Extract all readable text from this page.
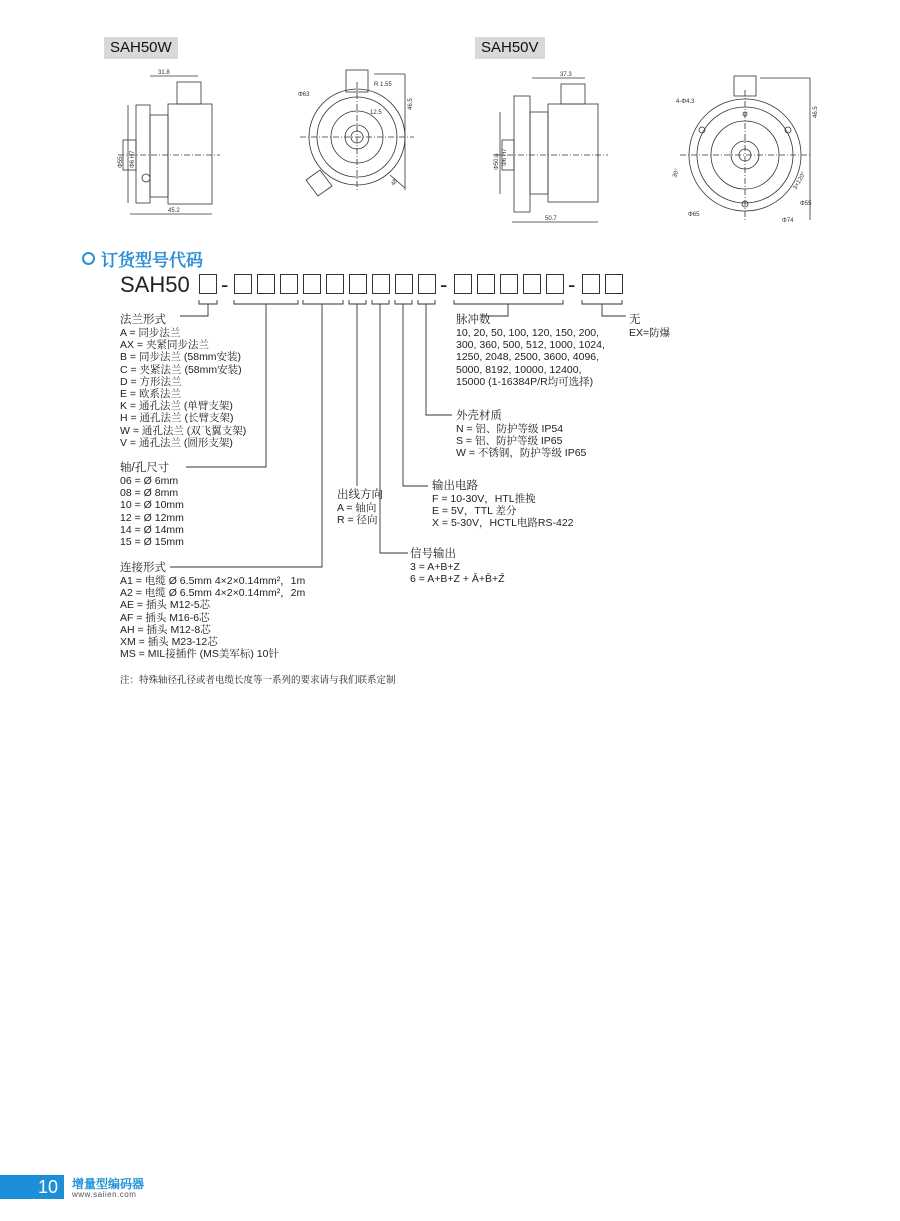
SAH50W	SAH50V
31.8
45.2
Φ55 Φ6 H7
Φ63
R 1.55
46.5
12.5
48
37.3
50.7
Φ50.8 Φ6 H7
4-Φ4.3
46.5
30°	3×120°
Φ65
Φ55
Φ74
订货型号代码
SAH50 -	-	-
法兰形式
A = 同步法兰
AX = 夹紧同步法兰
B = 同步法兰 (58mm安装)
C = 夹紧法兰 (58mm安装)
D = 方形法兰
E = 欧系法兰
K = 通孔法兰 (单臂支架)
H = 通孔法兰 (长臂支架)
W = 通孔法兰 (双飞翼支架)
V = 通孔法兰 (圆形支架)
轴/孔尺寸
06 = Ø 6mm
08 = Ø 8mm
10 = Ø 10mm
12 = Ø 12mm
14 = Ø 14mm
15 = Ø 15mm
连接形式
A1 = 电缆 Ø 6.5mm 4×2×0.14mm²，1m
A2 = 电缆 Ø 6.5mm 4×2×0.14mm²，2m
AE = 插头 M12-5芯
AF = 插头 M16-6芯
AH = 插头 M12-8芯
XM = 插头 M23-12芯
MS = MIL接插件 (MS美军标) 10针
出线方向
A = 轴向
R = 径向
信号输出
3 = A+B+Z
6 = A+B+Z + Ā+B̄+Z̄
输出电路
F = 10-30V，HTL推挽
E = 5V，TTL 差分
X = 5-30V，HCTL电路RS-422
外壳材质
N = 铝、防护等级 IP54
S = 铝、防护等级 IP65
W = 不锈钢，防护等级 IP65
脉冲数
10, 20, 50, 100, 120, 150, 200,
300, 360, 500, 512, 1000, 1024,
1250, 2048, 2500, 3600, 4096,
5000, 8192, 10000, 12400,
15000 (1-16384P/R均可选择)
无
EX=防爆
注：特殊轴径孔径或者电缆长度等一系列的要求请与我们联系定制
10	增量型编码器
www.saiien.com
